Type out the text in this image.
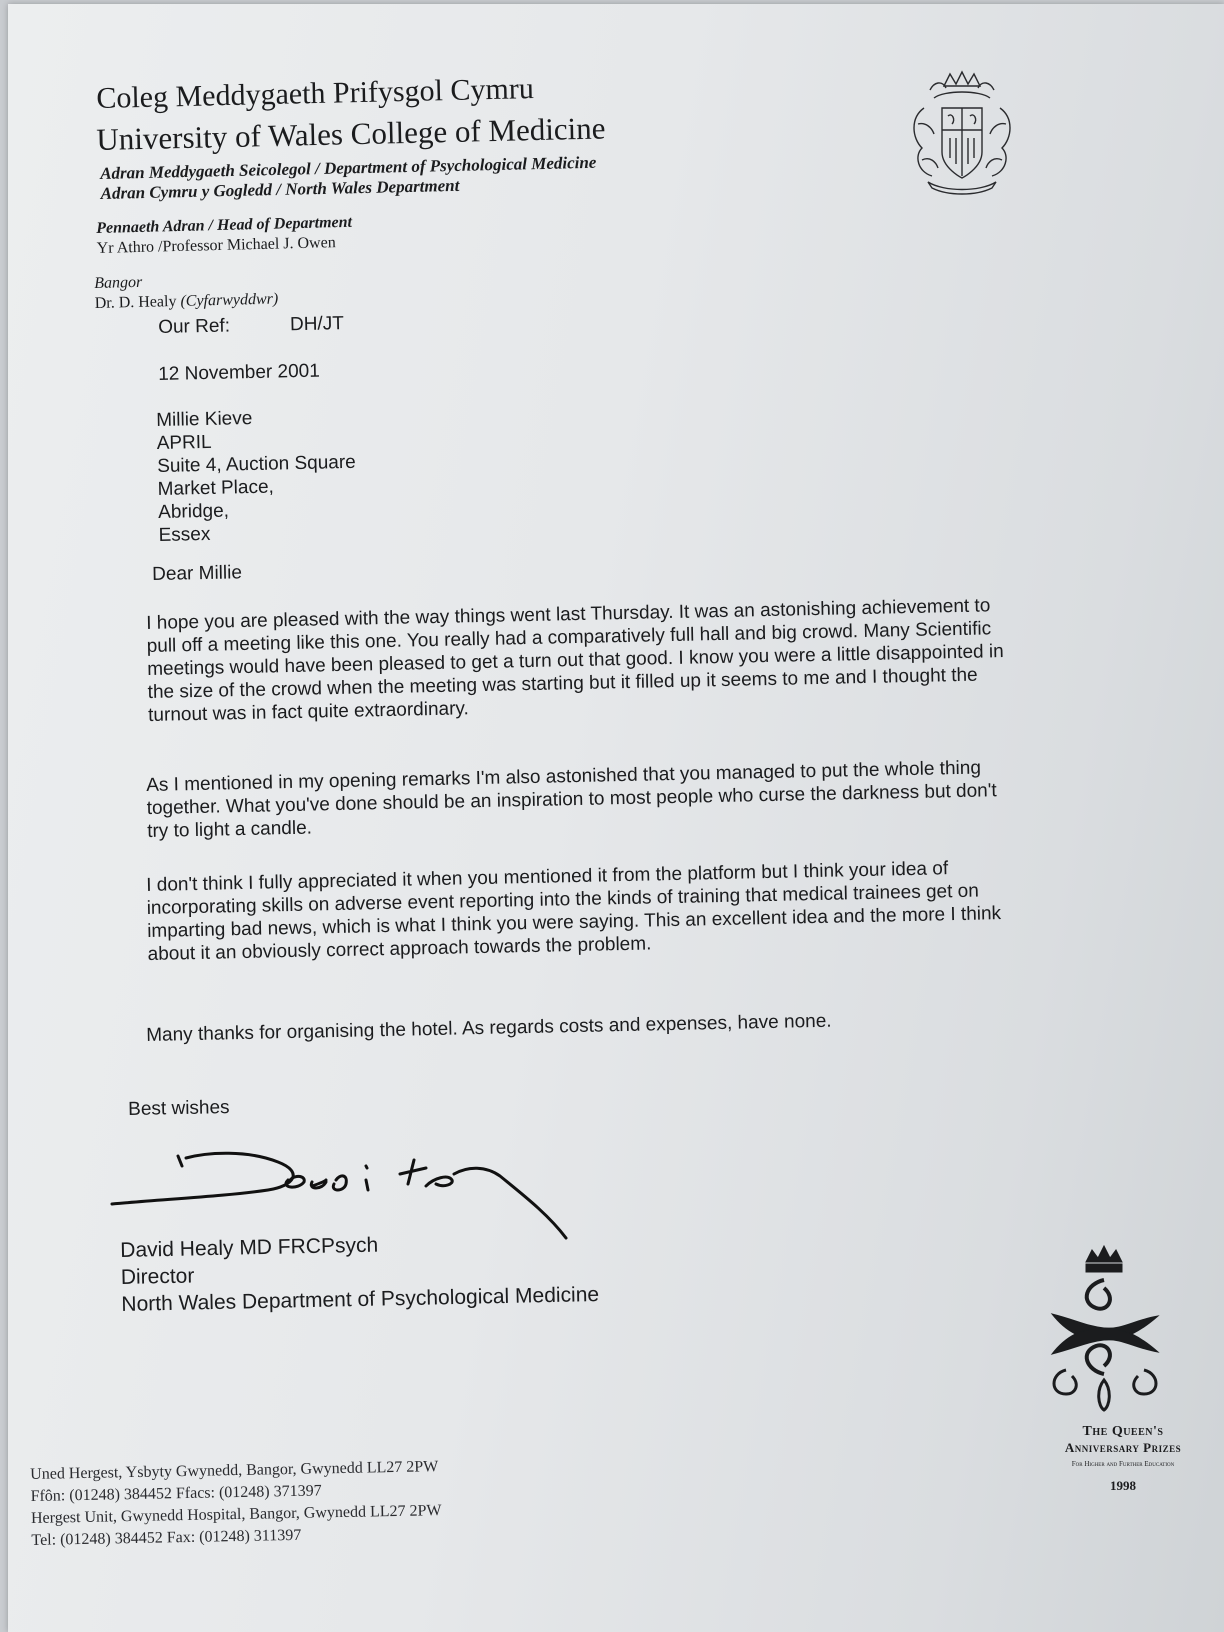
Coleg Meddygaeth Prifysgol Cymru
University of Wales College of Medicine
Adran Meddygaeth Seicolegol / Department of Psychological Medicine
Adran Cymru y Gogledd / North Wales Department
Pennaeth Adran / Head of Department
Yr Athro /Professor Michael J. Owen
Bangor
Dr. D. Healy (Cyfarwyddwr)
Our Ref:	DH/JT
12 November 2001
Millie Kieve
APRIL
Suite 4, Auction Square
Market Place,
Abridge,
Essex
Dear Millie
I hope you are pleased with the way things went last Thursday. It was an astonishing achievement to pull off a meeting like this one. You really had a comparatively full hall and big crowd. Many Scientific meetings would have been pleased to get a turn out that good. I know you were a little disappointed in the size of the crowd when the meeting was starting but it filled up it seems to me and I thought the turnout was in fact quite extraordinary.
As I mentioned in my opening remarks I'm also astonished that you managed to put the whole thing together. What you've done should be an inspiration to most people who curse the darkness but don't try to light a candle.
I don't think I fully appreciated it when you mentioned it from the platform but I think your idea of incorporating skills on adverse event reporting into the kinds of training that medical trainees get on imparting bad news, which is what I think you were saying. This an excellent idea and the more I think about it an obviously correct approach towards the problem.
Many thanks for organising the hotel. As regards costs and expenses, have none.
Best wishes
David Healy MD FRCPsych
Director
North Wales Department of Psychological Medicine
The Queen's
Anniversary Prizes
For Higher and Further Education
1998
Uned Hergest, Ysbyty Gwynedd, Bangor, Gwynedd LL27 2PW
Ffôn: (01248) 384452 Ffacs: (01248) 371397
Hergest Unit, Gwynedd Hospital, Bangor, Gwynedd LL27 2PW
Tel: (01248) 384452 Fax: (01248) 311397
